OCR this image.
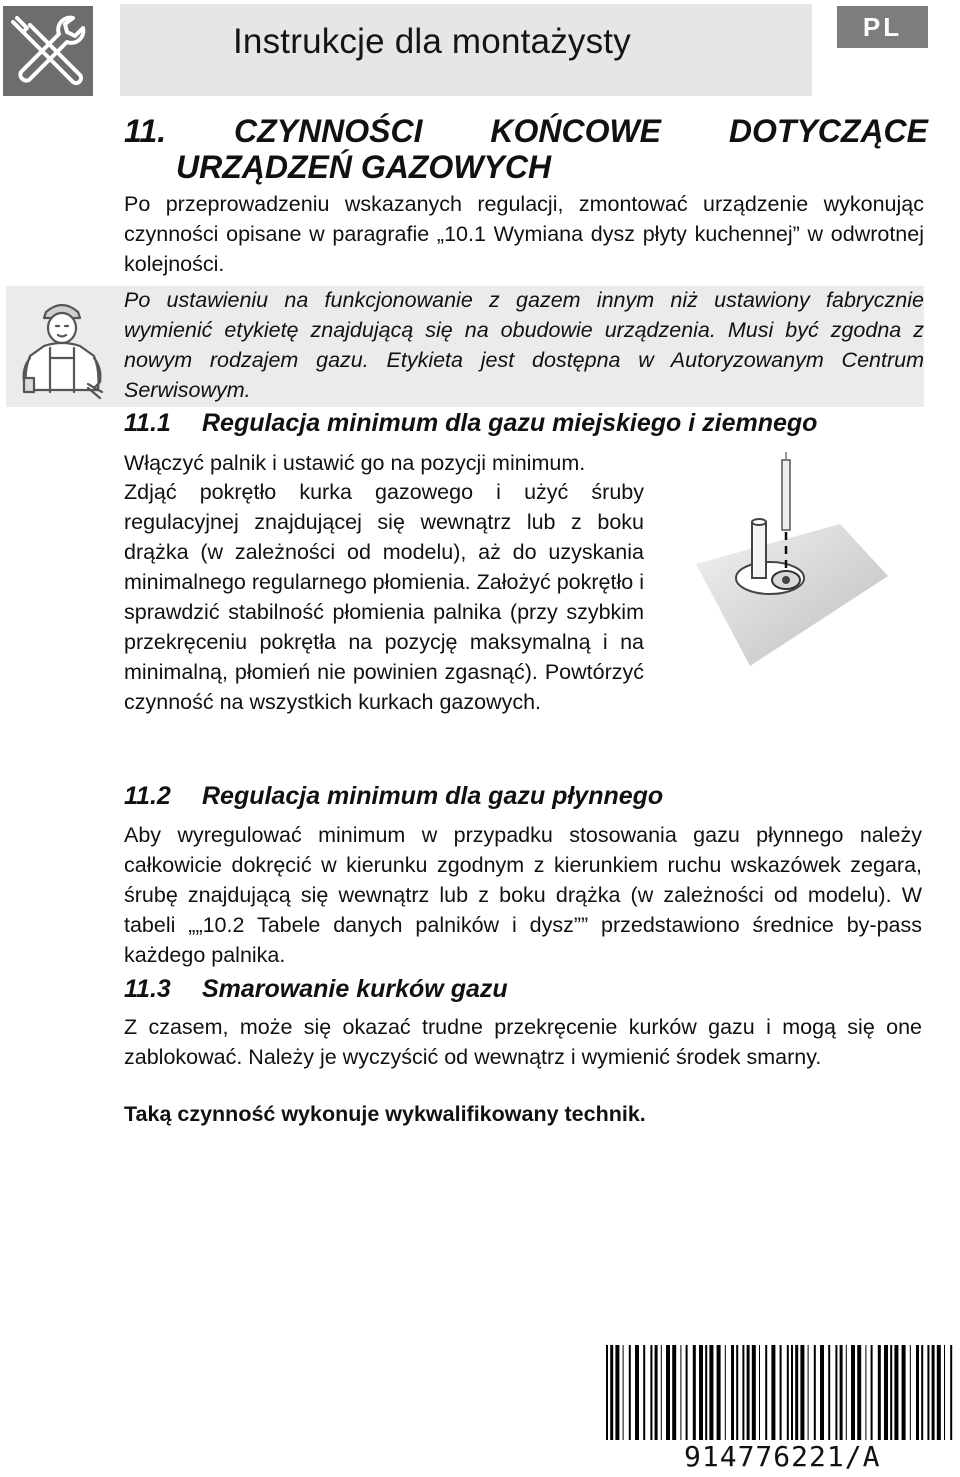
Instrukcje dla montażysty	PL
11. CZYNNOŚCI KOŃCOWE DOTYCZĄCE
URZĄDZEŃ GAZOWYCH

Po przeprowadzeniu wskazanych regulacji, zmontować urządzenie wykonując czynności opisane w paragrafie „10.1 Wymiana dysz płyty kuchennej” w odwrotnej kolejności.

Po ustawieniu na funkcjonowanie z gazem innym niż ustawiony fabrycznie wymienić etykietę znajdującą się na obudowie urządzenia. Musi być zgodna z nowym rodzajem gazu. Etykieta jest dostępna w Autoryzowanym Centrum Serwisowym.

11.1 Regulacja minimum dla gazu miejskiego i ziemnego

Włączyć palnik i ustawić go na pozycji minimum.

Zdjąć pokrętło kurka gazowego i użyć śruby regulacyjnej znajdującej się wewnątrz lub z boku drążka (w zależności od modelu), aż do uzyskania minimalnego regularnego płomienia. Założyć pokrętło i sprawdzić stabilność płomienia palnika (przy szybkim przekręceniu pokrętła na pozycję maksymalną i na minimalną, płomień nie powinien zgasnąć). Powtórzyć czynność na wszystkich kurkach gazowych.

11.2 Regulacja minimum dla gazu płynnego

Aby wyregulować minimum w przypadku stosowania gazu płynnego należy całkowicie dokręcić w kierunku zgodnym z kierunkiem ruchu wskazówek zegara, śrubę znajdującą się wewnątrz lub z boku drążka (w zależności od modelu). W tabeli „„10.2 Tabele danych palników i dysz”” przedstawiono średnice by-pass każdego palnika.

11.3 Smarowanie kurków gazu

Z czasem, może się okazać trudne przekręcenie kurków gazu i mogą się one zablokować. Należy je wyczyścić od wewnątrz i wymienić środek smarny.

Taką czynność wykonuje wykwalifikowany technik.
914776221/A
